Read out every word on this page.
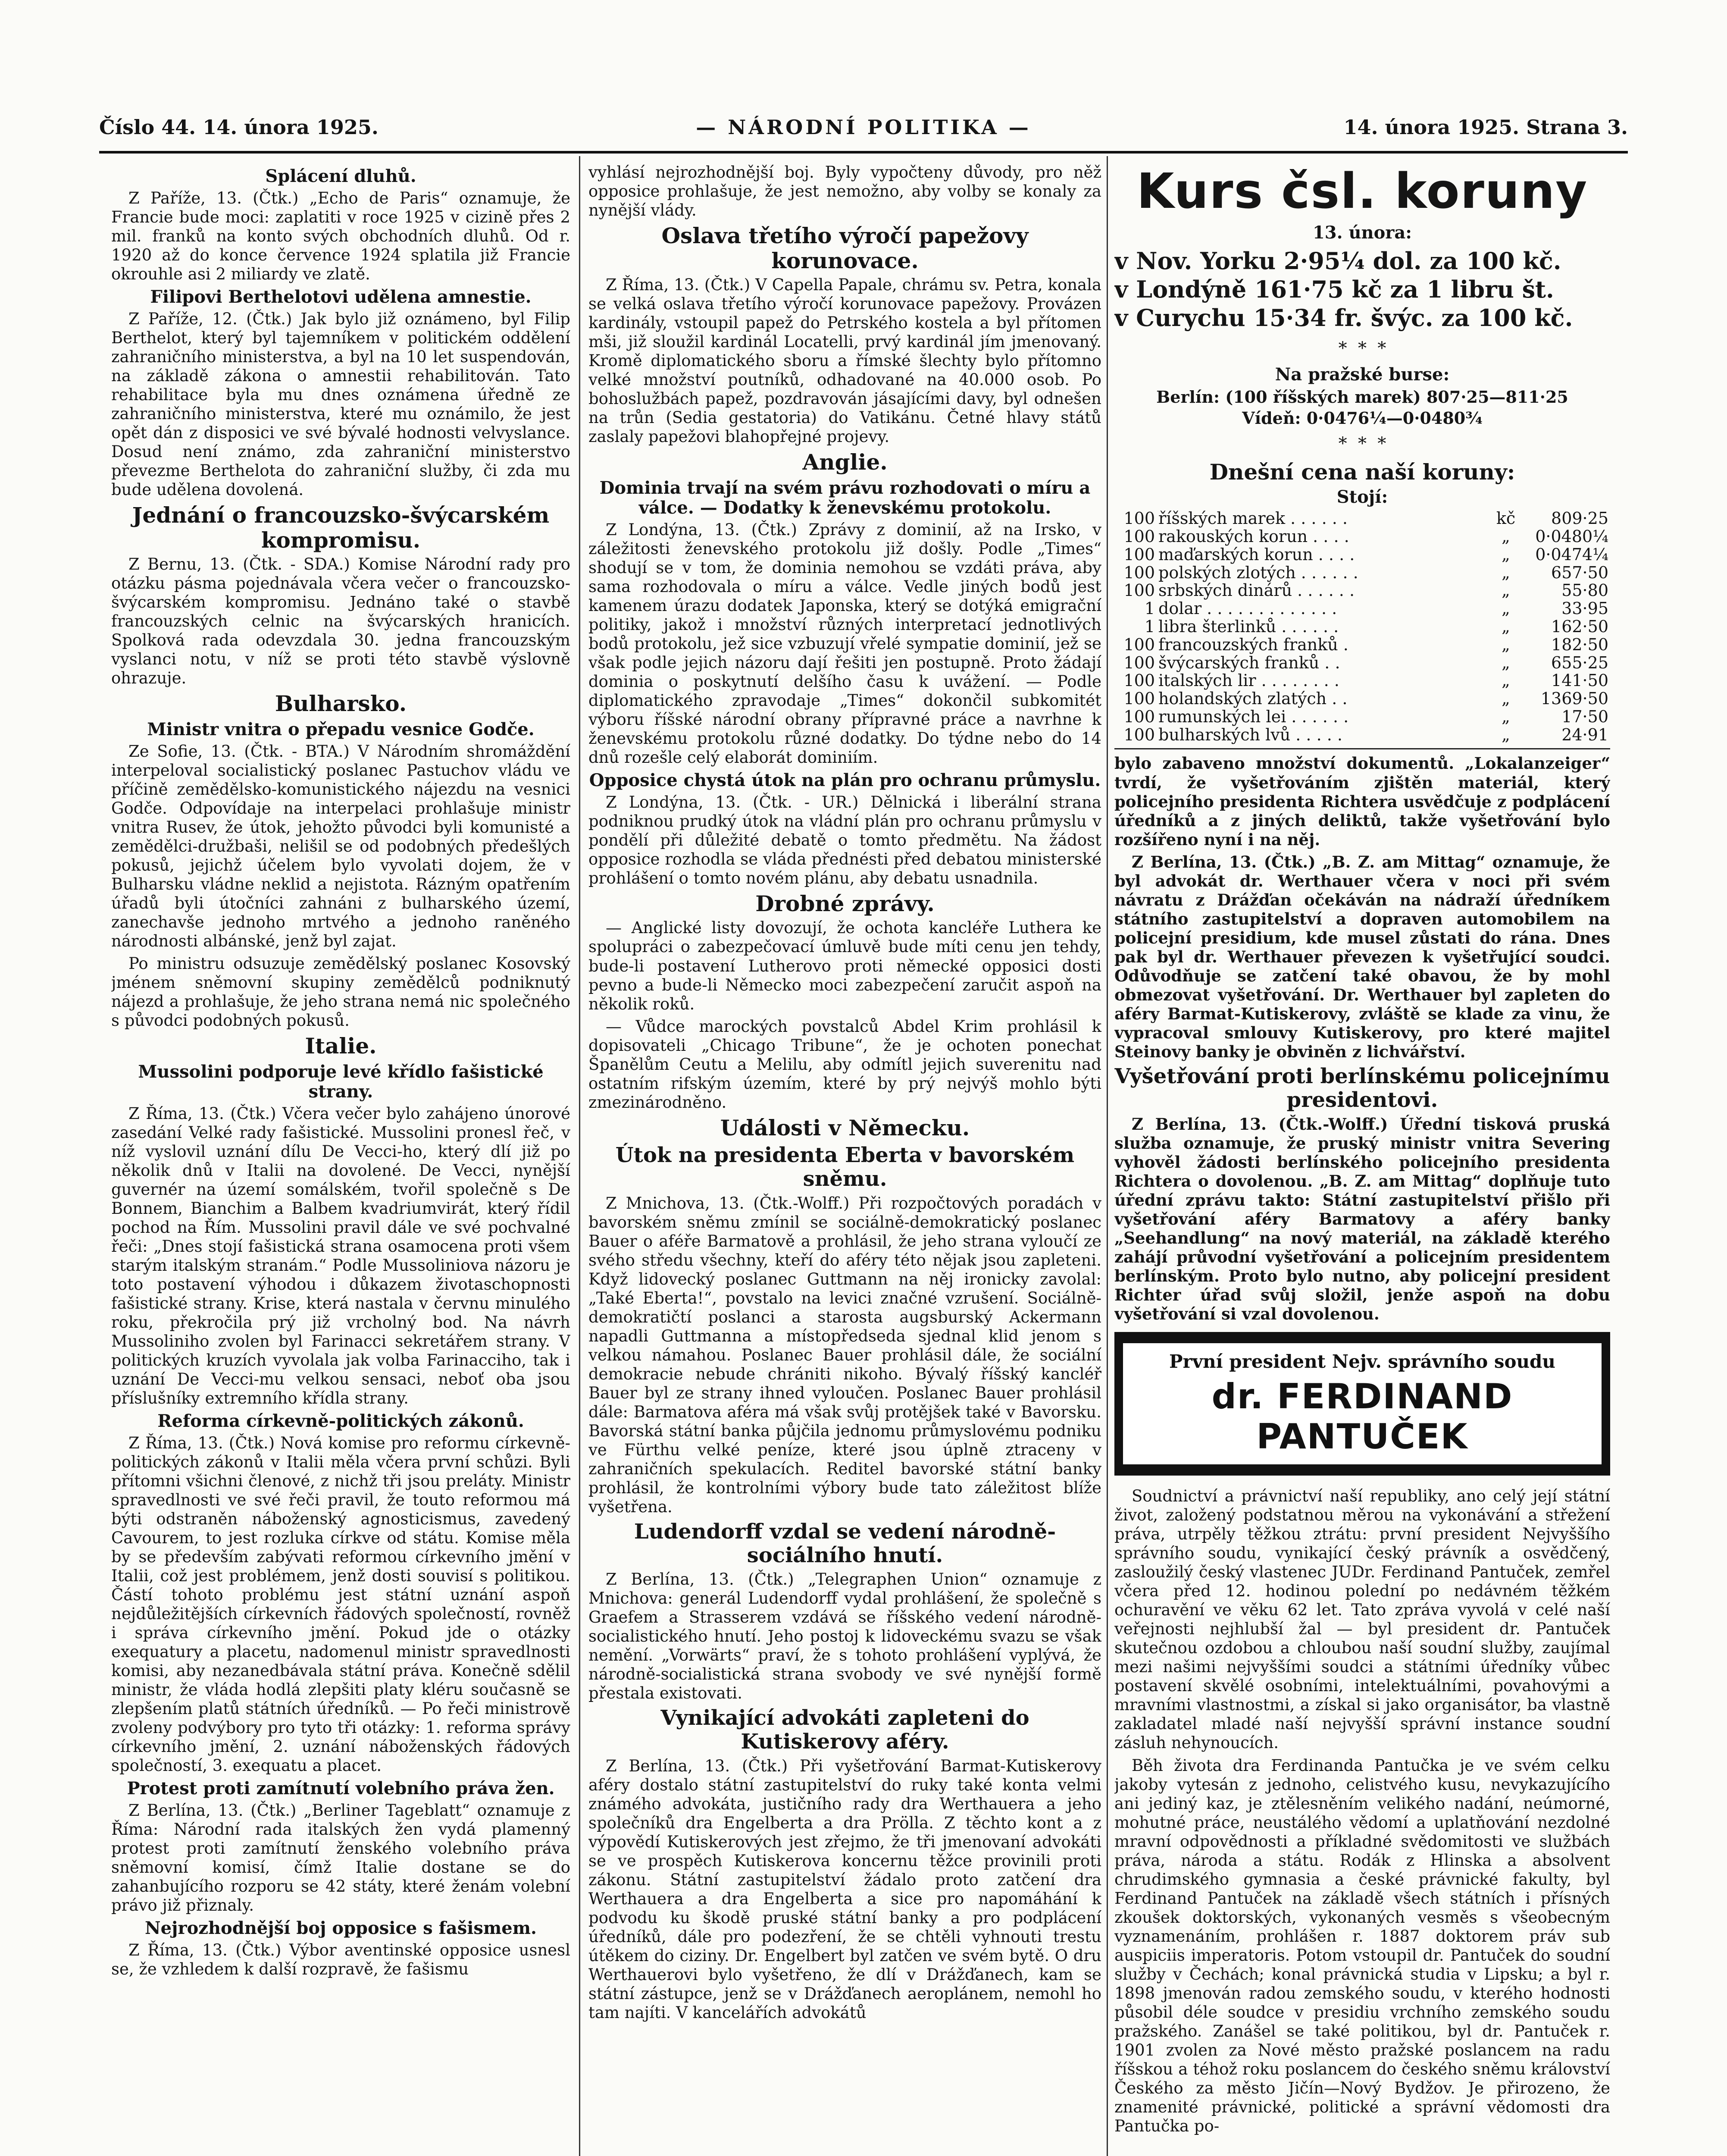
Číslo 44. 14. února 1925.	— NÁRODNÍ POLITIKA —	14. února 1925. Strana 3.
Splácení dluhů.

Z Paříže, 13. (Čtk.) „Echo de Paris“ oznamuje, že Francie bude moci: zaplatiti v roce 1925 v cizině přes 2 mil. franků na konto svých obchodních dluhů. Od r. 1920 až do konce července 1924 splatila již Francie okrouhle asi 2 miliardy ve zlatě.

Filipovi Berthelotovi udělena amnestie.

Z Paříže, 12. (Čtk.) Jak bylo již oznámeno, byl Filip Berthelot, který byl tajemníkem v politickém oddělení zahraničního ministerstva, a byl na 10 let suspendován, na základě zákona o amnestii rehabilitován. Tato rehabilitace byla mu dnes oznámena úředně ze zahraničního ministerstva, které mu oznámilo, že jest opět dán z disposici ve své bývalé hodnosti velvyslance. Dosud není známo, zda zahraniční ministerstvo převezme Berthelota do zahraniční služby, či zda mu bude udělena dovolená.

Jednání o francouzsko-švýcarském kompromisu.

Z Bernu, 13. (Čtk. - SDA.) Komise Národní rady pro otázku pásma pojednávala včera večer o francouzsko-švýcarském kompromisu. Jednáno také o stavbě francouzských celnic na švýcarských hranicích. Spolková rada odevzdala 30. jedna francouzským vyslanci notu, v níž se proti této stavbě výslovně ohrazuje.

Bulharsko.
Ministr vnitra o přepadu vesnice Godče.

Ze Sofie, 13. (Čtk. - BTA.) V Národním shromáždění interpeloval socialistický poslanec Pastuchov vládu ve příčině zemědělsko-komunistického nájezdu na vesnici Godče. Odpovídaje na interpelaci prohlašuje ministr vnitra Rusev, že útok, jehožto původci byli komunisté a zemědělci-družbaši, nelišil se od podobných předešlých pokusů, jejichž účelem bylo vyvolati dojem, že v Bulharsku vládne neklid a nejistota. Rázným opatřením úřadů byli útočníci zahnáni z bulharského území, zanechavše jednoho mrtvého a jednoho raněného národnosti albánské, jenž byl zajat.

Po ministru odsuzuje zemědělský poslanec Kosovský jménem sněmovní skupiny zemědělců podniknutý nájezd a prohlašuje, že jeho strana nemá nic společného s původci podobných pokusů.

Italie.
Mussolini podporuje levé křídlo fašistické strany.

Z Říma, 13. (Čtk.) Včera večer bylo zahájeno únorové zasedání Velké rady fašistické. Mussolini pronesl řeč, v níž vyslovil uznání dílu De Vecci-ho, který dlí již po několik dnů v Italii na dovolené. De Vecci, nynější guvernér na území somálském, tvořil společně s De Bonnem, Bianchim a Balbem kvadriumvirát, který řídil pochod na Řím. Mussolini pravil dále ve své pochvalné řeči: „Dnes stojí fašistická strana osamocena proti všem starým italským stranám.“ Podle Mussoliniova názoru je toto postavení výhodou i důkazem životaschopnosti fašistické strany. Krise, která nastala v červnu minulého roku, překročila prý již vrcholný bod. Na návrh Mussoliniho zvolen byl Farinacci sekretářem strany. V politických kruzích vyvolala jak volba Farinacciho, tak i uznání De Vecci-mu velkou sensaci, neboť oba jsou příslušníky extremního křídla strany.

Reforma církevně-politických zákonů.

Z Říma, 13. (Čtk.) Nová komise pro reformu církevně-politických zákonů v Italii měla včera první schůzi. Byli přítomni všichni členové, z nichž tři jsou preláty. Ministr spravedlnosti ve své řeči pravil, že touto reformou má býti odstraněn náboženský agnosticismus, zavedený Cavourem, to jest rozluka církve od státu. Komise měla by se především zabývati reformou církevního jmění v Italii, což jest problémem, jenž dosti souvisí s politikou. Částí tohoto problému jest státní uznání aspoň nejdůležitějších církevních řádových společností, rovněž i správa církevního jmění. Pokud jde o otázky exequatury a placetu, nadomenul ministr spravedlnosti komisi, aby nezanedbávala státní práva. Konečně sdělil ministr, že vláda hodlá zlepšiti platy kléru současně se zlepšením platů státních úředníků. — Po řeči ministrově zvoleny podvýbory pro tyto tři otázky: 1. reforma správy církevního jmění, 2. uznání náboženských řádových společností, 3. exequatu a placet.

Protest proti zamítnutí volebního práva žen.

Z Berlína, 13. (Čtk.) „Berliner Tageblatt“ oznamuje z Říma: Národní rada italských žen vydá plamenný protest proti zamítnutí ženského volebního práva sněmovní komisí, čímž Italie dostane se do zahanbujícího rozporu se 42 státy, které ženám volební právo již přiznaly.

Nejrozhodnější boj opposice s fašismem.

Z Říma, 13. (Čtk.) Výbor aventinské opposice usnesl se, že vzhledem k další rozpravě, že fašismu

vyhlásí nejrozhodnější boj. Byly vypočteny důvody, pro něž opposice prohlašuje, že jest nemožno, aby volby se konaly za nynější vlády.

Oslava třetího výročí papežovy korunovace.

Z Říma, 13. (Čtk.) V Capella Papale, chrámu sv. Petra, konala se velká oslava třetího výročí korunovace papežovy. Provázen kardinály, vstoupil papež do Petrského kostela a byl přítomen mši, již sloužil kardinál Locatelli, prvý kardinál jím jmenovaný. Kromě diplomatického sboru a římské šlechty bylo přítomno velké množství poutníků, odhadované na 40.000 osob. Po bohoslužbách papež, pozdravován jásajícími davy, byl odnešen na trůn (Sedia gestatoria) do Vatikánu. Četné hlavy států zaslaly papežovi blahopřejné projevy.

Anglie.
Dominia trvají na svém právu rozhodovati o míru a válce. — Dodatky k ženevskému protokolu.

Z Londýna, 13. (Čtk.) Zprávy z dominií, až na Irsko, v záležitosti ženevského protokolu již došly. Podle „Times“ shodují se v tom, že dominia nemohou se vzdáti práva, aby sama rozhodovala o míru a válce. Vedle jiných bodů jest kamenem úrazu dodatek Japonska, který se dotýká emigrační politiky, jakož i množství různých interpretací jednotlivých bodů protokolu, jež sice vzbuzují vřelé sympatie dominií, jež se však podle jejich názoru dají řešiti jen postupně. Proto žádají dominia o poskytnutí delšího času k uvážení. — Podle diplomatického zpravodaje „Times“ dokončil subkomitét výboru říšské národní obrany přípravné práce a navrhne k ženevskému protokolu různé dodatky. Do týdne nebo do 14 dnů rozešle celý elaborát dominiím.

Opposice chystá útok na plán pro ochranu průmyslu.

Z Londýna, 13. (Čtk. - UR.) Dělnická i liberální strana podniknou prudký útok na vládní plán pro ochranu průmyslu v pondělí při důležité debatě o tomto předmětu. Na žádost opposice rozhodla se vláda přednésti před debatou ministerské prohlášení o tomto novém plánu, aby debatu usnadnila.

Drobné zprávy.

— Anglické listy dovozují, že ochota kancléře Luthera ke spolupráci o zabezpečovací úmluvě bude míti cenu jen tehdy, bude-li postavení Lutherovo proti německé opposici dosti pevno a bude-li Německo moci zabezpečení zaručit aspoň na několik roků.

— Vůdce marockých povstalců Abdel Krim prohlásil k dopisovateli „Chicago Tribune“, že je ochoten ponechat Španělům Ceutu a Melilu, aby odmítl jejich suverenitu nad ostatním rifským územím, které by prý nejvýš mohlo býti zmezinárodněno.

Události v Německu.
Útok na presidenta Eberta v bavorském sněmu.

Z Mnichova, 13. (Čtk.-Wolff.) Při rozpočtových poradách v bavorském sněmu zmínil se sociálně-demokratický poslanec Bauer o aféře Barmatově a prohlásil, že jeho strana vyloučí ze svého středu všechny, kteří do aféry této nějak jsou zapleteni. Když lidovecký poslanec Guttmann na něj ironicky zavolal: „Také Eberta!“, povstalo na levici značné vzrušení. Sociálně-demokratičtí poslanci a starosta augsburský Ackermann napadli Guttmanna a místopředseda sjednal klid jenom s velkou námahou. Poslanec Bauer prohlásil dále, že sociální demokracie nebude chrániti nikoho. Bývalý říšský kancléř Bauer byl ze strany ihned vyloučen. Poslanec Bauer prohlásil dále: Barmatova aféra má však svůj protějšek také v Bavorsku. Bavorská státní banka půjčila jednomu průmyslovému podniku ve Fürthu velké peníze, které jsou úplně ztraceny v zahraničních spekulacích. Reditel bavorské státní banky prohlásil, že kontrolními výbory bude tato záležitost blíže vyšetřena.

Ludendorff vzdal se vedení národně-sociálního hnutí.

Z Berlína, 13. (Čtk.) „Telegraphen Union“ oznamuje z Mnichova: generál Ludendorff vydal prohlášení, že společně s Graefem a Strasserem vzdává se říšského vedení národně-socialistického hnutí. Jeho postoj k lidoveckému svazu se však nemění. „Vorwärts“ praví, že s tohoto prohlášení vyplývá, že národně-socialistická strana svobody ve své nynější formě přestala existovati.

Vynikající advokáti zapleteni do Kutiskerovy aféry.

Z Berlína, 13. (Čtk.) Při vyšetřování Barmat-Kutiskerovy aféry dostalo státní zastupitelství do ruky také konta velmi známého advokáta, justičního rady dra Werthauera a jeho společníků dra Engelberta a dra Prölla. Z těchto kont a z výpovědí Kutiskerových jest zřejmo, že tři jmenovaní advokáti se ve prospěch Kutiskerova koncernu těžce provinili proti zákonu. Státní zastupitelství žádalo proto zatčení dra Werthauera a dra Engelberta a sice pro napomáhání k podvodu ku škodě pruské státní banky a pro podplácení úředníků, dále pro podezření, že se chtěli vyhnouti trestu útěkem do ciziny. Dr. Engelbert byl zatčen ve svém bytě. O dru Werthauerovi bylo vyšetřeno, že dlí v Drážďanech, kam se státní zástupce, jenž se v Drážďanech aeroplánem, nemohl ho tam najíti. V kancelářích advokátů

Kurs čsl. koruny
13. února:
v Nov. Yorku 2·95¼ dol. za 100 kč.
v Londýně 161·75 kč za 1 libru št.
v Curychu 15·34 fr. švýc. za 100 kč.
*  *  *
Na pražské burse:
Berlín: (100 říšských marek) 807·25—811·25
Vídeň: 0·0476¼—0·0480¾
*  *  *
Dnešní cena naší koruny:
Stojí:
100	říšských marek . . . . . .	kč	809·25
100	rakouských korun . . . .	„	0·0480¼
100	maďarských korun . . . .	„	0·0474¼
100	polských zlotých . . . . . .	„	657·50
100	srbských dinárů . . . . . .	„	55·80
1	dolar . . . . . . . . . . . . .	„	33·95
1	libra šterlinků . . . . . .	„	162·50
100	francouzských franků .	„	182·50
100	švýcarských franků . .	„	655·25
100	italských lir . . . . . . . .	„	141·50
100	holandských zlatých . .	„	1369·50
100	rumunských lei . . . . . .	„	17·50
100	bulharských lvů . . . . .	„	24·91

bylo zabaveno množství dokumentů. „Lokalanzeiger“ tvrdí, že vyšetřováním zjištěn materiál, který policejního presidenta Richtera usvědčuje z podplácení úředníků a z jiných deliktů, takže vyšetřování bylo rozšířeno nyní i na něj.

Z Berlína, 13. (Čtk.) „B. Z. am Mittag“ oznamuje, že byl advokát dr. Werthauer včera v noci při svém návratu z Drážďan očekáván na nádraží úředníkem státního zastupitelství a dopraven automobilem na policejní presidium, kde musel zůstati do rána. Dnes pak byl dr. Werthauer převezen k vyšetřující soudci. Odůvodňuje se zatčení také obavou, že by mohl obmezovat vyšetřování. Dr. Werthauer byl zapleten do aféry Barmat-Kutiskerovy, zvláště se klade za vinu, že vypracoval smlouvy Kutiskerovy, pro které majitel Steinovy banky je obviněn z lichvářství.

Vyšetřování proti berlínskému policejnímu presidentovi.

Z Berlína, 13. (Čtk.-Wolff.) Úřední tisková pruská služba oznamuje, že pruský ministr vnitra Severing vyhověl žádosti berlínského policejního presidenta Richtera o dovolenou. „B. Z. am Mittag“ doplňuje tuto úřední zprávu takto: Státní zastupitelství přišlo při vyšetřování aféry Barmatovy a aféry banky „Seehandlung“ na nový materiál, na základě kterého zahájí průvodní vyšetřování a policejním presidentem berlínským. Proto bylo nutno, aby policejní president Richter úřad svůj složil, jenže aspoň na dobu vyšetřování si vzal dovolenou.

První president Nejv. správního soudu
dr. FERDINAND PANTUČEK

Soudnictví a právnictví naší republiky, ano celý její státní život, založený podstatnou měrou na vykonávání a střežení práva, utrpěly těžkou ztrátu: první president Nejvyššího správního soudu, vynikající český právník a osvědčený, zasloužilý český vlastenec JUDr. Ferdinand Pantuček, zemřel včera před 12. hodinou polední po nedávném těžkém ochuravění ve věku 62 let. Tato zpráva vyvolá v celé naší veřejnosti nejhlubší žal — byl president dr. Pantuček skutečnou ozdobou a chloubou naší soudní služby, zaujímal mezi našimi nejvyššími soudci a státními úředníky vůbec postavení skvělé osobními, intelektuálními, povahovými a mravními vlastnostmi, a získal si jako organisátor, ba vlastně zakladatel mladé naší nejvyšší správní instance soudní zásluh nehynoucích.

Běh života dra Ferdinanda Pantučka je ve svém celku jakoby vytesán z jednoho, celistvého kusu, nevykazujícího ani jediný kaz, je ztělesněním velikého nadání, neúmorné, mohutné práce, neustálého vědomí a uplatňování nezdolné mravní odpovědnosti a příkladné svědomitosti ve službách práva, národa a státu. Rodák z Hlinska a absolvent chrudimského gymnasia a české právnické fakulty, byl Ferdinand Pantuček na základě všech státních i přísných zkoušek doktorských, vykonaných vesměs s všeobecným vyznamenáním, prohlášen r. 1887 doktorem práv sub auspiciis imperatoris. Potom vstoupil dr. Pantuček do soudní služby v Čechách; konal právnická studia v Lipsku; a byl r. 1898 jmenován radou zemského soudu, v kterého hodnosti působil déle soudce v presidiu vrchního zemského soudu pražského. Zanášel se také politikou, byl dr. Pantuček r. 1901 zvolen za Nové město pražské poslancem na radu říšskou a téhož roku poslancem do českého sněmu království Českého za město Jičín—Nový Bydžov. Je přirozeno, že znamenité právnické, politické a správní vědomosti dra Pantučka po-
